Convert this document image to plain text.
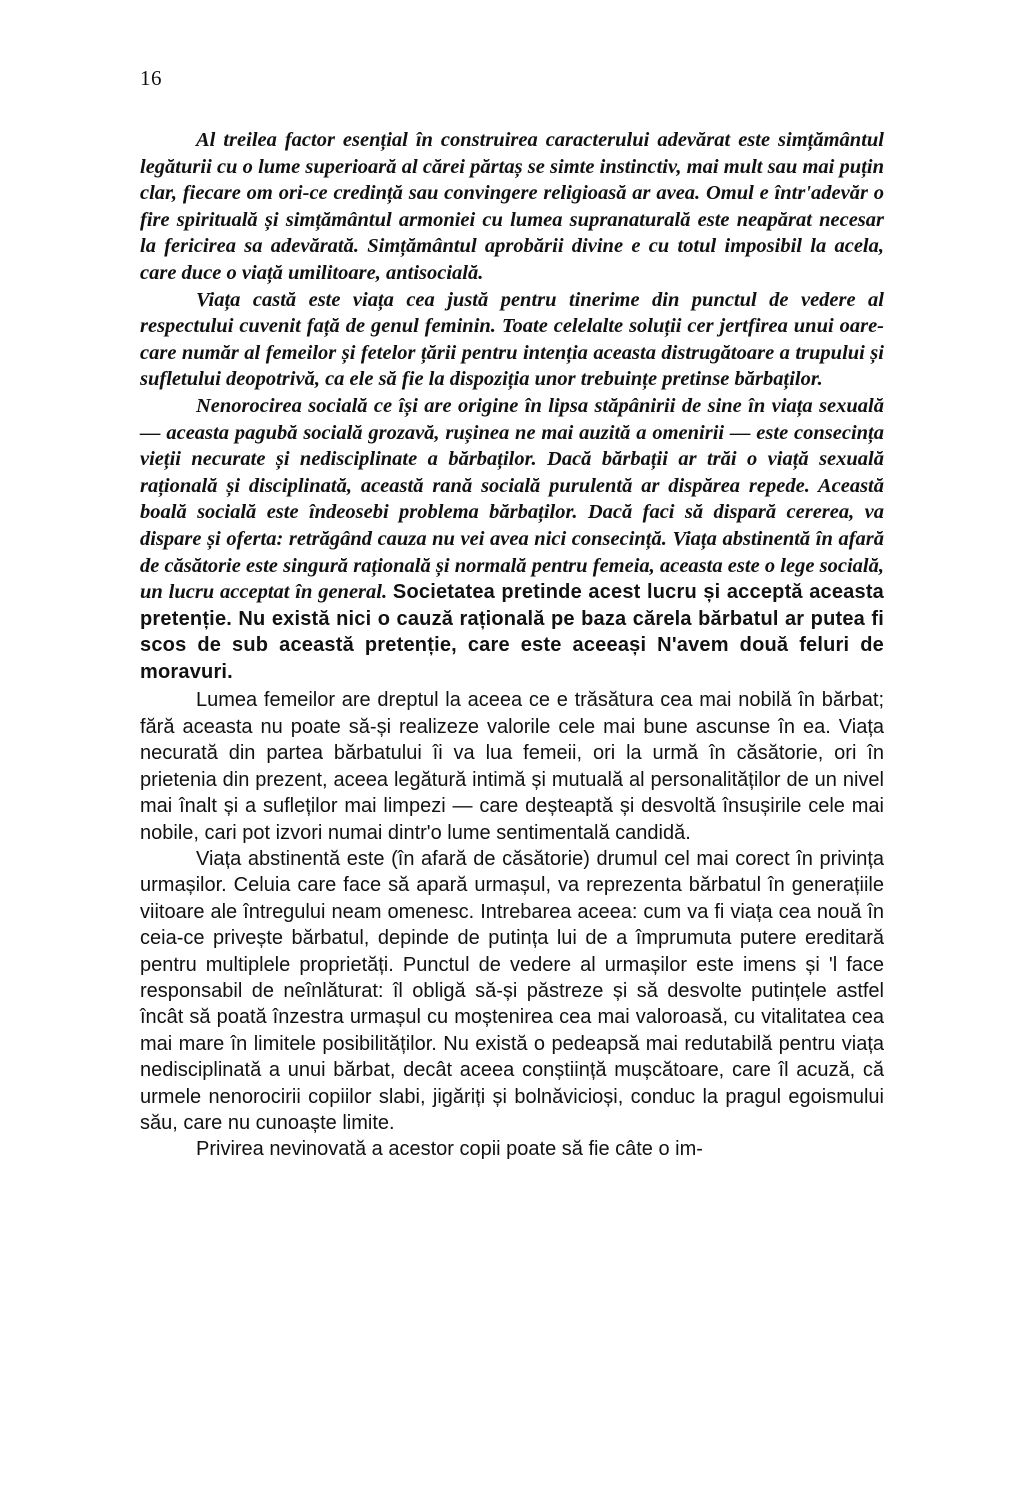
16

Al treilea factor esențial în construirea caracterului adevărat este simțământul legăturii cu o lume superioară al cărei părtaș se simte instinctiv, mai mult sau mai puțin clar, fiecare om ori-ce credință sau convingere religioasă ar avea. Omul e într'adevăr o fire spirituală și simțământul armoniei cu lumea supranaturală este neapărat necesar la fericirea sa adevărată. Simțământul aprobării divine e cu totul imposibil la acela, care duce o viață umilitoare, antisocială.

Viața castă este viața cea justă pentru tinerime din punctul de vedere al respectului cuvenit față de genul feminin. Toate celelalte soluții cer jertfirea unui oare-care număr al femeilor și fetelor țării pentru intenția aceasta distrugătoare a trupului și sufletului deopotrivă, ca ele să fie la dispoziția unor trebuințe pretinse bărbaților.

Nenorocirea socială ce își are origine în lipsa stăpânirii de sine în viața sexuală — aceasta pagubă socială grozavă, rușinea ne mai auzită a omenirii — este consecința vieții necurate și nedisciplinate a bărbaților. Dacă bărbații ar trăi o viață sexuală rațională și disciplinată, această rană socială purulentă ar dispărea repede. Această boală socială este îndeosebi problema bărbaților. Dacă faci să dispară cererea, va dispare și oferta: retrăgând cauza nu vei avea nici consecință. Viața abstinentă în afară de căsătorie este singură rațională și normală pentru femeia, aceasta este o lege socială, un lucru acceptat în general. Societatea pretinde acest lucru și acceptă aceasta pretenție. Nu există nici o cauză rațională pe baza cărela bărbatul ar putea fi scos de sub această pretenție, care este aceeași N'avem două feluri de moravuri.

Lumea femeilor are dreptul la aceea ce e trăsătura cea mai nobilă în bărbat; fără aceasta nu poate să-și realizeze valorile cele mai bune ascunse în ea. Viața necurată din partea bărbatului îi va lua femeii, ori la urmă în căsătorie, ori în prietenia din prezent, aceea legătură intimă și mutuală al personalităților de un nivel mai înalt și a sufleților mai limpezi — care deșteaptă și desvoltă însușirile cele mai nobile, cari pot izvori numai dintr'o lume sentimentală candidă.

Viața abstinentă este (în afară de căsătorie) drumul cel mai corect în privința urmașilor. Celuia care face să apară urmașul, va reprezenta bărbatul în generațiile viitoare ale întregului neam omenesc. Intrebarea aceea: cum va fi viața cea nouă în ceia-ce privește bărbatul, depinde de putința lui de a împrumuta putere ereditară pentru multiplele proprietăți. Punctul de vedere al urmașilor este imens și 'l face responsabil de neînlăturat: îl obligă să-și păstreze și să desvolte putințele astfel încât să poată înzestra urmașul cu moștenirea cea mai valoroasă, cu vitalitatea cea mai mare în limitele posibilităților. Nu există o pedeapsă mai redutabilă pentru viața nedisciplinată a unui bărbat, decât aceea conștiință mușcătoare, care îl acuză, că urmele nenorocirii copiilor slabi, jigăriți și bolnăvicioși, conduc la pragul egoismului său, care nu cunoaște limite.

Privirea nevinovată a acestor copii poate să fie câte o im-
